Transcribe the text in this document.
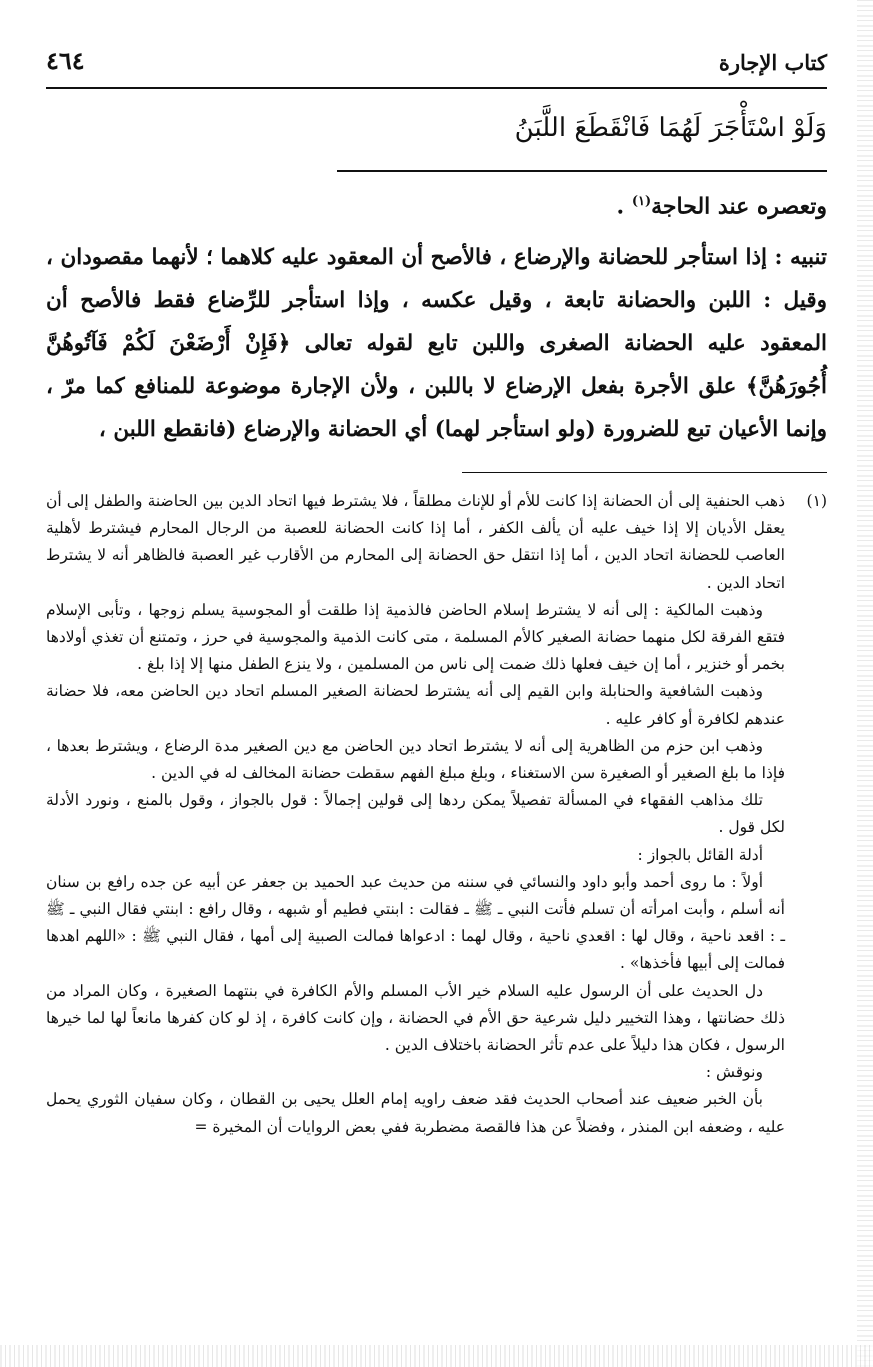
كتاب الإجارة
٤٦٤
وَلَوْ اسْتَأْجَرَ لَهُمَا فَانْقَطَعَ اللَّبَنُ
وتعصره عند الحاجة$^{(١)}$ .
تنبيه : إذا استأجر للحضانة والإرضاع ، فالأصح أن المعقود عليه كلاهما ؛ لأنهما مقصودان ، وقيل : اللبن والحضانة تابعة ، وقيل عكسه ، وإذا استأجر للرِّضاع فقط فالأصح أن المعقود عليه الحضانة الصغرى واللبن تابع لقوله تعالى ﴿فَإِنْ أَرْضَعْنَ لَكُمْ فَآتُوهُنَّ أُجُورَهُنَّ﴾ علق الأجرة بفعل الإرضاع لا باللبن ، ولأن الإجارة موضوعة للمنافع كما مرّ ، وإنما الأعيان تبع للضرورة (ولو استأجر لهما) أي الحضانة والإرضاع (فانقطع اللبن ،
(١)

ذهب الحنفية إلى أن الحضانة إذا كانت للأم أو للإناث مطلقاً ، فلا يشترط فيها اتحاد الدين بين الحاضنة والطفل إلى أن يعقل الأديان إلا إذا خيف عليه أن يألف الكفر ، أما إذا كانت الحضانة للعصبة من الرجال المحارم فيشترط لأهلية العاصب للحضانة اتحاد الدين ، أما إذا انتقل حق الحضانة إلى المحارم من الأقارب غير العصبة فالظاهر أنه لا يشترط اتحاد الدين .

وذهبت المالكية : إلى أنه لا يشترط إسلام الحاضن فالذمية إذا طلقت أو المجوسية يسلم زوجها ، وتأبى الإسلام فتقع الفرقة لكل منهما حضانة الصغير كالأم المسلمة ، متى كانت الذمية والمجوسية في حرز ، وتمتنع أن تغذي أولادها بخمر أو خنزير ، أما إن خيف فعلها ذلك ضمت إلى ناس من المسلمين ، ولا ينزع الطفل منها إلا إذا بلغ .

وذهبت الشافعية والحنابلة وابن القيم إلى أنه يشترط لحضانة الصغير المسلم اتحاد دين الحاضن معه، فلا حضانة عندهم لكافرة أو كافر عليه .

وذهب ابن حزم من الظاهرية إلى أنه لا يشترط اتحاد دين الحاضن مع دين الصغير مدة الرضاع ، ويشترط بعدها ، فإذا ما بلغ الصغير أو الصغيرة سن الاستغناء ، وبلغ مبلغ الفهم سقطت حضانة المخالف له في الدين .

تلك مذاهب الفقهاء في المسألة تفصيلاً يمكن ردها إلى قولين إجمالاً : قول بالجواز ، وقول بالمنع ، ونورد الأدلة لكل قول .

أدلة القائل بالجواز :

أولاً : ما روى أحمد وأبو داود والنسائي في سننه من حديث عبد الحميد بن جعفر عن أبيه عن جده رافع بن سنان أنه أسلم ، وأبت امرأته أن تسلم فأتت النبي ـ ﷺ ـ فقالت : ابنتي فطيم أو شبهه ، وقال رافع : ابنتي فقال النبي ـ ﷺ ـ : اقعد ناحية ، وقال لها : اقعدي ناحية ، وقال لهما : ادعواها فمالت الصبية إلى أمها ، فقال النبي ﷺ : «اللهم اهدها فمالت إلى أبيها فأخذها» .

دل الحديث على أن الرسول عليه السلام خير الأب المسلم والأم الكافرة في بنتهما الصغيرة ، وكان المراد من ذلك حضانتها ، وهذا التخيير دليل شرعية حق الأم في الحضانة ، وإن كانت كافرة ، إذ لو كان كفرها مانعاً لها لما خيرها الرسول ، فكان هذا دليلاً على عدم تأثر الحضانة باختلاف الدين .

ونوقش :

بأن الخبر ضعيف عند أصحاب الحديث فقد ضعف راويه إمام العلل يحيى بن القطان ، وكان سفيان الثوري يحمل عليه ، وضعفه ابن المنذر ، وفضلاً عن هذا فالقصة مضطربة ففي بعض الروايات أن المخيرة =
